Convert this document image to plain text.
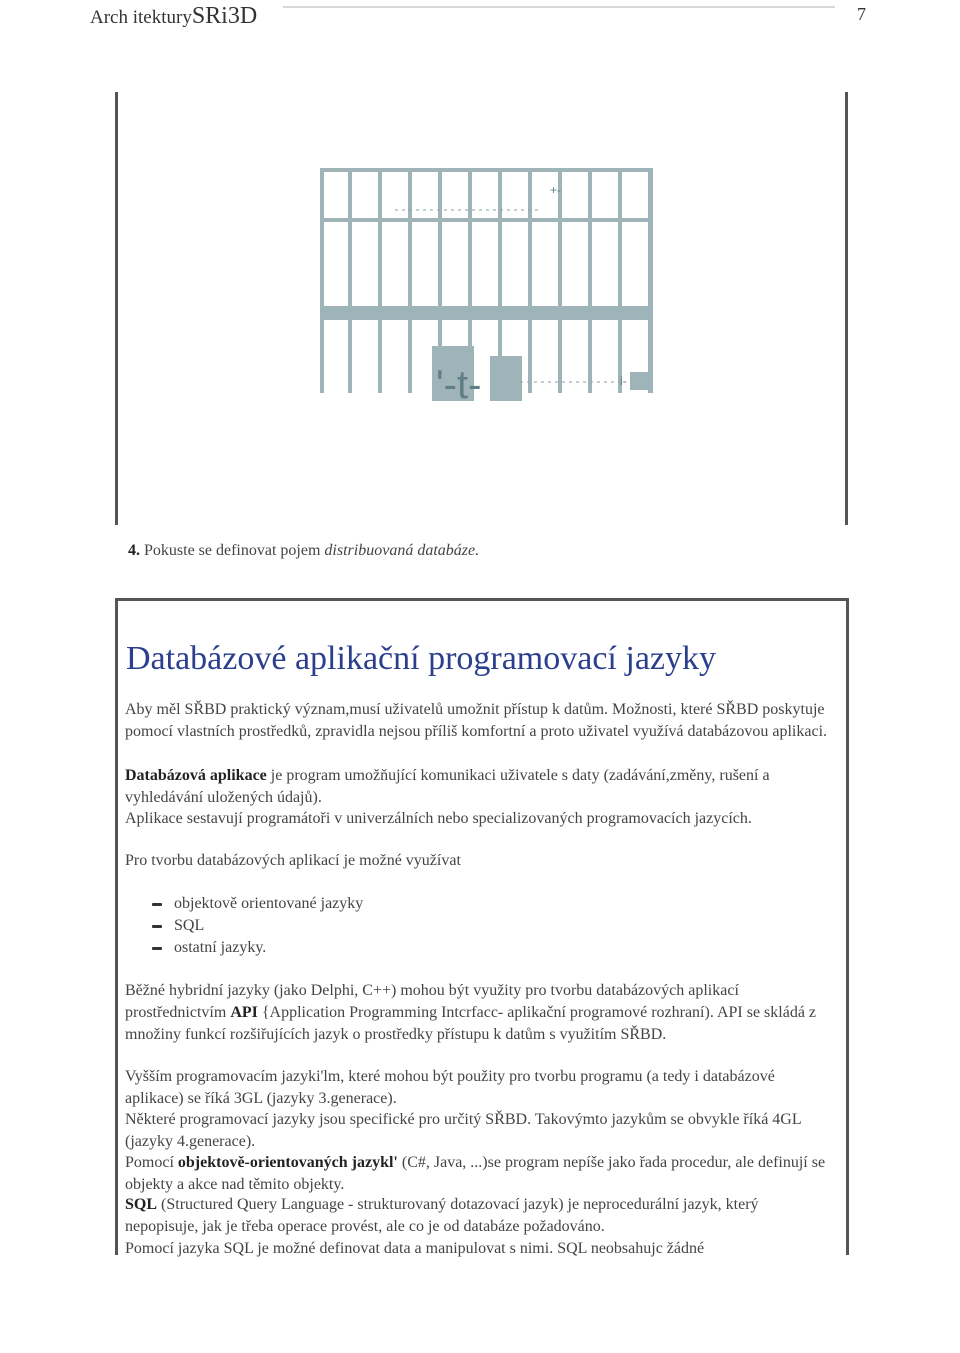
Arch itekturySRi3D	7
+-
'-t-	i-
4. Pokuste se definovat pojem distribuovaná databáze.
Databázové aplikační programovací jazyky
Aby měl SŘBD praktický význam,musí uživatelů umožnit přístup k datům. Možnosti, které SŘBD poskytuje pomocí vlastních prostředků, zpravidla nejsou příliš komfortní a proto uživatel využívá databázovou aplikaci.
Databázová aplikace je program umožňující komunikaci uživatele s daty (zadávání,změny, rušení a vyhledávání uložených údajů).
Aplikace sestavují programátoři v univerzálních nebo specializovaných programovacích jazycích.
Pro tvorbu databázových aplikací je možné využívat
objektově orientované jazyky
SQL
ostatní jazyky.
Běžné hybridní jazyky (jako Delphi, C++) mohou být využity pro tvorbu databázových aplikací prostřednictvím API {Application Programming Intcrfacc- aplikační programové rozhraní). API se skládá z množiny funkcí rozšiřujících jazyk o prostředky přístupu k datům s využitím SŘBD.
Vyšším programovacím jazyki'lm, které mohou být použity pro tvorbu programu (a tedy i databázové aplikace) se říká 3GL (jazyky 3.generace).
Některé programovací jazyky jsou specifické pro určitý SŘBD. Takovýmto jazykům se obvykle říká 4GL (jazyky 4.generace).
Pomocí objektově-orientovaných jazykl' (C#, Java, ...)se program nepíše jako řada procedur, ale definují se objekty a akce nad těmito objekty.
SQL (Structured Query Language - strukturovaný dotazovací jazyk) je neprocedurální jazyk, který nepopisuje, jak je třeba operace provést, ale co je od databáze požadováno.
Pomocí jazyka SQL je možné definovat data a manipulovat s nimi. SQL neobsahujc žádné
